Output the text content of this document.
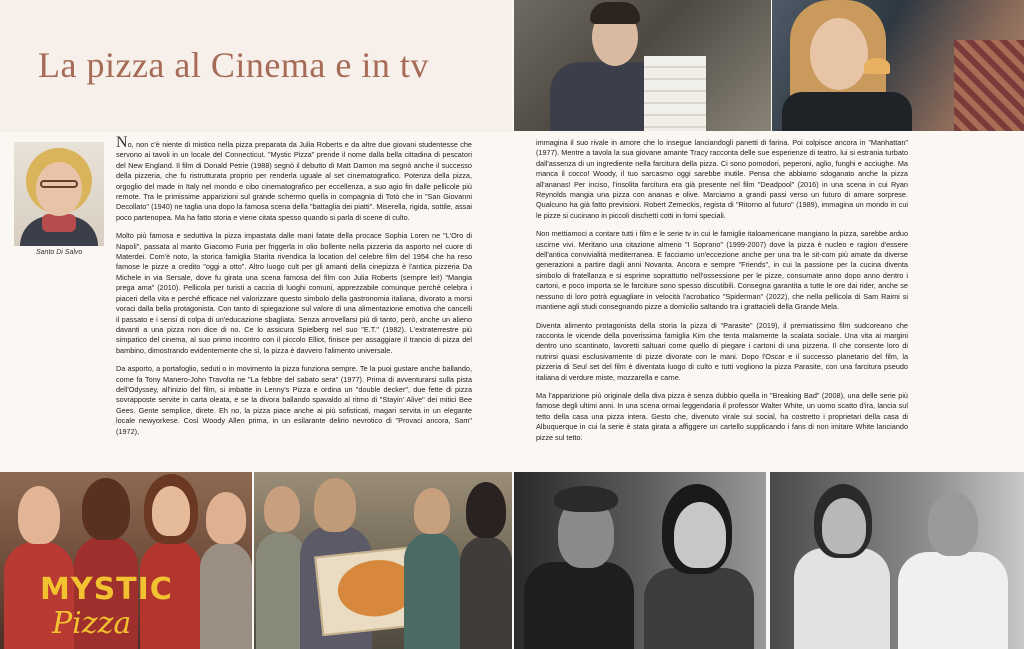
La pizza al Cinema e in tv
Santo Di Salvo

No, non c'è niente di mistico nella pizza preparata da Julia Roberts e da altre due giovani studentesse che servono ai tavoli in un locale del Connecticut. "Mystic Pizza" prende il nome dalla bella cittadina di pescatori del New England. Il film di Donald Petrie (1988) segnò il debutto di Matt Damon ma segnò anche il successo della pizzeria, che fu ristrutturata proprio per renderla uguale al set cinematografico. Potenza della pizza, orgoglio del made in Italy nel mondo e cibo cinematografico per eccellenza, a suo agio fin dalle pellicole più remote. Tra le primissime apparizioni sul grande schermo quella in compagnia di Totò che in "San Giovanni Decollato" (1940) ne taglia una dopo la famosa scena della "battaglia dei piatti". Miserella, rigida, sottile, assai poco partenopea. Ma ha fatto storia e viene citata spesso quando si parla di scene di culto.

Molto più famosa e seduttiva la pizza impastata dalle mani fatate della procace Sophia Loren ne "L'Oro di Napoli", passata al marito Giacomo Furia per friggerla in olio bollente nella pizzeria da asporto nel cuore di Materdei. Com'è noto, la storica famiglia Starita rivendica la location del celebre film del 1954 che ha reso famose le pizze a credito "oggi a otto". Altro luogo cult per gli amanti della cinepizza è l'antica pizzeria Da Michele in via Sersale, dove fu girata una scena famosa del film con Julia Roberts (sempre lei!) "Mangia prega ama" (2010). Pellicola per turisti a caccia di luoghi comuni, apprezzabile comunque perché celebra i piaceri della vita e perché efficace nel valorizzare questo simbolo della gastronomia italiana, divorato a morsi voraci dalla bella protagonista. Con tanto di spiegazione sul valore di una alimentazione emotiva che cancelli il passato e i sensi di colpa di un'educazione sbagliata. Senza arrovellarsi più di tanto, però, anche un alieno davanti a una pizza non dice di no. Ce lo assicura Spielberg nel suo "E.T." (1982). L'extraterrestre più simpatico del cinema, al suo primo incontro con il piccolo Elliot, finisce per assaggiare il trancio di pizza del bambino, dimostrando evidentemente che sì, la pizza è davvero l'alimento universale.

Da asporto, a portafoglio, seduti o in movimento la pizza funziona sempre. Te la puoi gustare anche ballando, come fa Tony Manero-John Travolta ne "La febbre del sabato sera" (1977). Prima di avventurarsi sulla pista dell'Odyssey, all'inizio del film, si imbatte in Lenny's Pizza e ordina un "double decker", due fette di pizza sovrapposte servite in carta oleata, e se la divora ballando spavaldo al ritmo di "Stayin' Alive" dei mitici Bee Gees. Gente semplice, direte. Eh no, la pizza piace anche ai più sofisticati, magari servita in un elegante locale newyorkese. Così Woody Allen prima, in un esilarante delirio nevrotico di "Provaci ancora, Sam" (1972),

immagina il suo rivale in amore che lo insegue lanciandogli panetti di farina. Poi colpisce ancora in "Manhattan" (1977). Mentre a tavola la sua giovane amante Tracy racconta delle sue esperienze di teatro, lui si estrania turbato dall'assenza di un ingrediente nella farcitura della pizza. Ci sono pomodori, peperoni, aglio, funghi e acciughe. Ma manca il cocco! Woody, il tuo sarcasmo oggi sarebbe inutile. Pensa che abbiamo sdoganato anche la pizza all'ananas! Per inciso, l'insolita farcitura era già presente nel film "Deadpool" (2016) in una scena in cui Ryan Reynolds mangia una pizza con ananas e olive. Marciamo a grandi passi verso un futuro di amare sorprese. Qualcuno ha già fatto previsioni. Robert Zemeckis, regista di "Ritorno al futuro" (1989), immagina un mondo in cui le pizze si cucinano in piccoli dischetti cotti in forni speciali.

Non mettiamoci a contare tutti i film e le serie tv in cui le famiglie italoamericane mangiano la pizza, sarebbe arduo uscirne vivi. Meritano una citazione almeno "I Soprano" (1999-2007) dove la pizza è nucleo e ragion d'essere dell'antica convivialità mediterranea. E facciamo un'eccezione anche per una tra le sit-com più amate da diverse generazioni a partire dagli anni Novanta. Ancora e sempre "Friends", in cui la passione per la cucina diventa simbolo di fratellanza e si esprime soprattutto nell'ossessione per le pizze, consumate anno dopo anno dentro i cartoni, e poco importa se le farciture sono spesso discutibili. Consegna garantita a tutte le ore dai rider, anche se nessuno di loro potrà eguagliare in velocità l'acrobatico "Spiderman" (2022), che nella pellicola di Sam Raimi si mantiene agli studi consegnando pizze a domicilio saltando tra i grattacieli della Grande Mela.

Diventa alimento protagonista della storia la pizza di "Parasite" (2019), il premiatissimo film sudcoreano che racconta le vicende della poverissima famiglia Kim che tenta malamente la scalata sociale. Una vita ai margini dentro uno scantinato, lavoretti saltuari come quello di piegare i cartoni di una pizzeria. Il che consente loro di nutrirsi quasi esclusivamente di pizze divorate con le mani. Dopo l'Oscar e il successo planetario del film, la pizzeria di Seul set del film è diventata luogo di culto e tutti vogliono la pizza Parasite, con una farcitura pseudo italiana di verdure miste, mozzarella e carne.

Ma l'apparizione più originale della diva pizza è senza dubbio quella in "Breaking Bad" (2008), una delle serie più famose degli ultimi anni. In una scena ormai leggendaria il professor Walter White, un uomo scatto d'ira, lancia sul tetto della casa una pizza intera. Gesto che, divenuto virale sui social, ha costretto i proprietari della casa di Albuquerque in cui la serie è stata girata a affiggere un cartello supplicando i fans di non imitare White lanciando pizze sul tetto.

MYSTIC
Pizza
